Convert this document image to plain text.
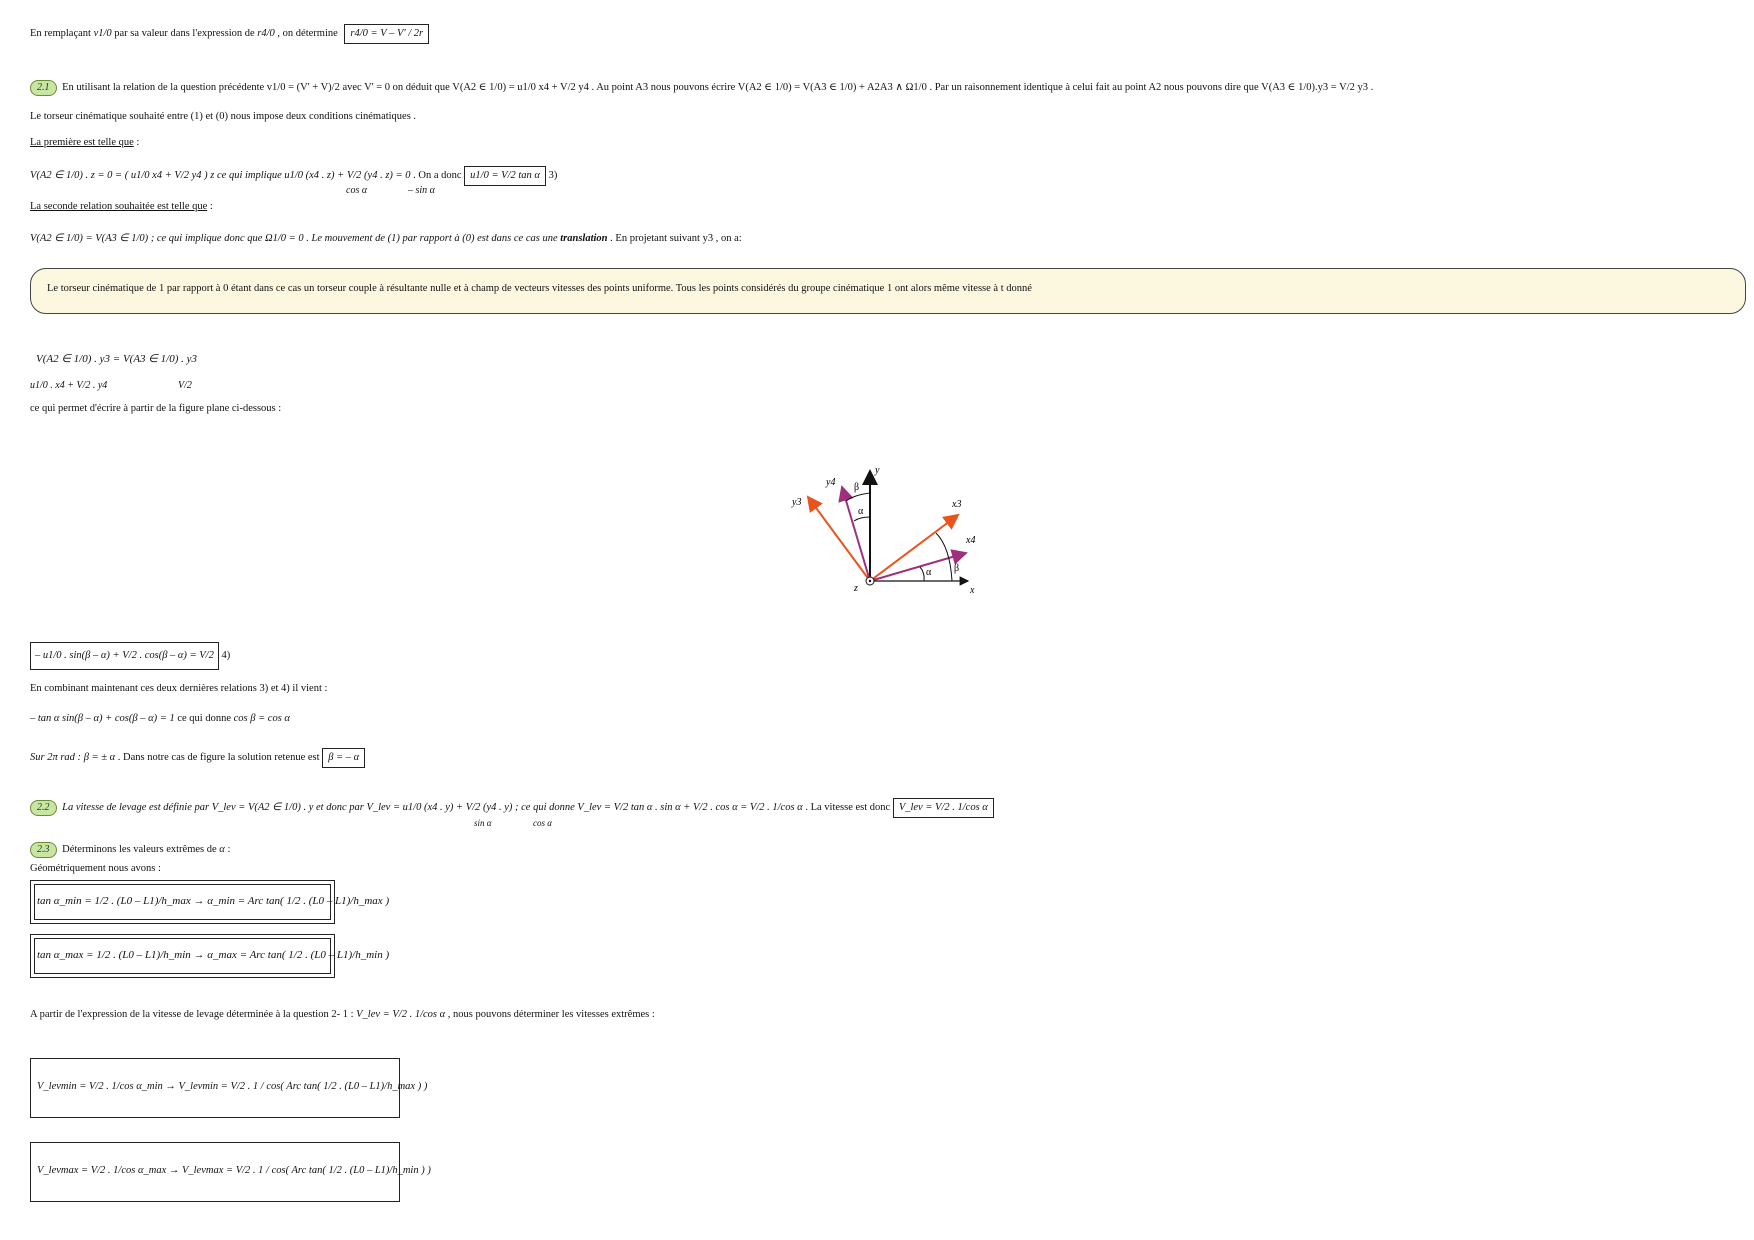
En remplaçant v1/0 par sa valeur dans l'expression de r4/0 , on détermine r4/0 = V – V' / 2r
2.1 En utilisant la relation de la question précédente v1/0 = (V' + V)/2 avec V' = 0 on déduit que V(A2 ∈ 1/0) = u1/0 x4 + V/2 y4 . Au point A3 nous pouvons écrire V(A2 ∈ 1/0) = V(A3 ∈ 1/0) + A2A3 ∧ Ω1/0 . Par un raisonnement identique à celui fait au point A2 nous pouvons dire que V(A3 ∈ 1/0).y3 = V/2 y3 .
Le torseur cinématique souhaité entre (1) et (0) nous impose deux conditions cinématiques .
La première est telle que :
V(A2 ∈ 1/0) . z = 0 = ( u1/0 x4 + V/2 y4 ) z ce qui implique u1/0 (x4 . z) + V/2 (y4 . z) = 0 . On a donc u1/0 = V/2 tan α 3)
cos α	– sin α
La seconde relation souhaitée est telle que :
V(A2 ∈ 1/0) = V(A3 ∈ 1/0) ; ce qui implique donc que Ω1/0 = 0 . Le mouvement de (1) par rapport à (0) est dans ce cas une translation . En projetant suivant y3 , on a:

Le torseur cinématique de 1 par rapport à 0 étant dans ce cas un torseur couple à résultante nulle et à champ de vecteurs vitesses des points uniforme. Tous les points considérés du groupe cinématique 1 ont alors même vitesse à t donné

V(A2 ∈ 1/0) . y3 = V(A3 ∈ 1/0) . y3
u1/0 . x4 + V/2 . y4	V/2
ce qui permet d'écrire à partir de la figure plane ci-dessous :
y
y4
y3	x3
x4
x
z
β
α
β
α
– u1/0 . sin(β – α) + V/2 . cos(β – α) = V/2 4)
En combinant maintenant ces deux dernières relations 3) et 4) il vient :
– tan α sin(β – α) + cos(β – α) = 1 ce qui donne cos β = cos α
Sur 2π rad : β = ± α . Dans notre cas de figure la solution retenue est β = – α
2.2 La vitesse de levage est définie par V_lev = V(A2 ∈ 1/0) . y et donc par V_lev = u1/0 (x4 . y) + V/2 (y4 . y) ; ce qui donne V_lev = V/2 tan α . sin α + V/2 . cos α = V/2 . 1/cos α . La vitesse est donc V_lev = V/2 . 1/cos α
sin α	cos α
2.3 Déterminons les valeurs extrêmes de α :
Géométriquement nous avons :
tan α_min = 1/2 . (L0 – L1)/h_max → α_min = Arc tan( 1/2 . (L0 – L1)/h_max )
tan α_max = 1/2 . (L0 – L1)/h_min → α_max = Arc tan( 1/2 . (L0 – L1)/h_min )
A partir de l'expression de la vitesse de levage déterminée à la question 2- 1 : V_lev = V/2 . 1/cos α , nous pouvons déterminer les vitesses extrêmes :
V_levmin = V/2 . 1/cos α_min → V_levmin = V/2 . 1 / cos( Arc tan( 1/2 . (L0 – L1)/h_max ) )
V_levmax = V/2 . 1/cos α_max → V_levmax = V/2 . 1 / cos( Arc tan( 1/2 . (L0 – L1)/h_min ) )
